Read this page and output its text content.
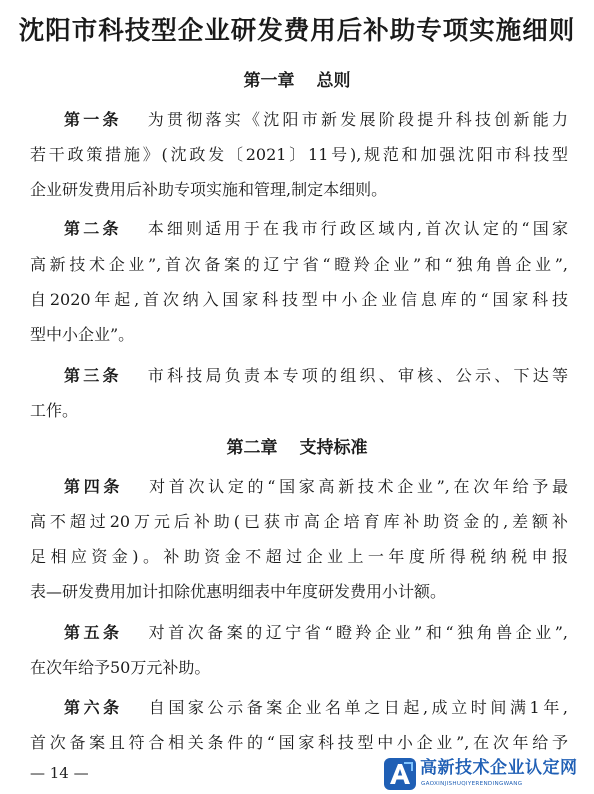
沈阳市科技型企业研发费用后补助专项实施细则
第一章 总则
第一条 为贯彻落实《沈阳市新发展阶段提升科技创新能力
若干政策措施》(沈政发〔2021〕11号),规范和加强沈阳市科技型
企业研发费用后补助专项实施和管理,制定本细则。
第二条 本细则适用于在我市行政区域内,首次认定的“国家
高新技术企业”,首次备案的辽宁省“瞪羚企业”和“独角兽企业”,
自2020年起,首次纳入国家科技型中小企业信息库的“国家科技
型中小企业”。
第三条 市科技局负责本专项的组织、审核、公示、下达等
工作。
第二章 支持标准
第四条 对首次认定的“国家高新技术企业”,在次年给予最
高不超过20万元后补助(已获市高企培育库补助资金的,差额补
足相应资金)。补助资金不超过企业上一年度所得税纳税申报
表—研发费用加计扣除优惠明细表中年度研发费用小计额。
第五条 对首次备案的辽宁省“瞪羚企业”和“独角兽企业”,
在次年给予50万元补助。
第六条 自国家公示备案企业名单之日起,成立时间满1年,
首次备案且符合相关条件的“国家科技型中小企业”,在次年给予
— 14 —	高新技术企业认定网
GAOXINJISHUQIYERENDINGWANG
